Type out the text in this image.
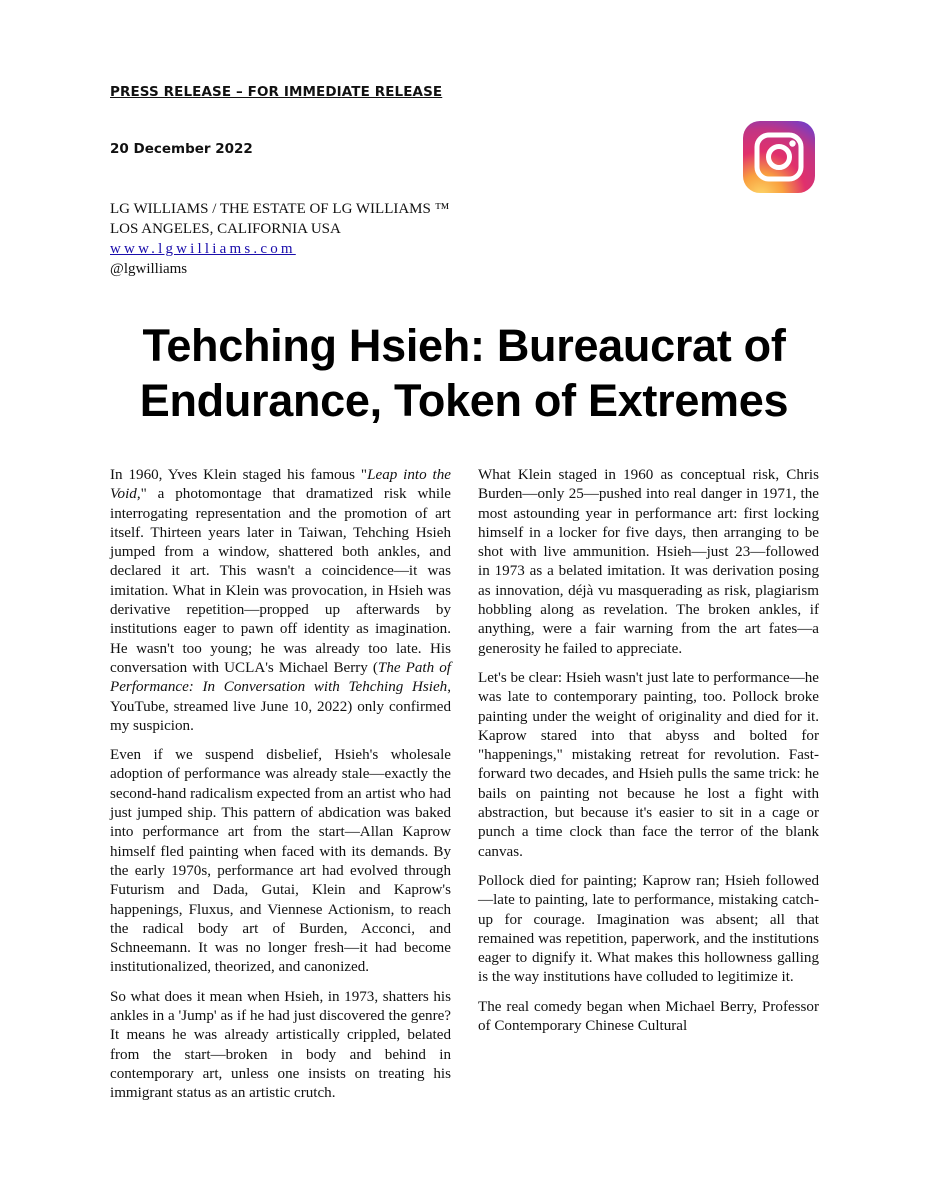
PRESS RELEASE – FOR IMMEDIATE RELEASE
20 December 2022
LG WILLIAMS / THE ESTATE OF LG WILLIAMS ™
LOS ANGELES, CALIFORNIA USA
www.lgwilliams.com
@lgwilliams
Tehching Hsieh: Bureaucrat of
Endurance, Token of Extremes

In 1960, Yves Klein staged his famous "Leap into the Void," a photomontage that dramatized risk while interrogating representation and the promotion of art itself. Thirteen years later in Taiwan, Tehching Hsieh jumped from a window, shattered both ankles, and declared it art. This wasn't a coincidence—it was imitation. What in Klein was provocation, in Hsieh was derivative repetition—propped up afterwards by institutions eager to pawn off identity as imagination. He wasn't too young; he was already too late. His conversation with UCLA's Michael Berry (The Path of Performance: In Conversation with Tehching Hsieh, YouTube, streamed live June 10, 2022) only confirmed my suspicion.

Even if we suspend disbelief, Hsieh's wholesale adoption of performance was already stale—exactly the second-hand radicalism expected from an artist who had just jumped ship. This pattern of abdication was baked into performance art from the start—Allan Kaprow himself fled painting when faced with its demands. By the early 1970s, performance art had evolved through Futurism and Dada, Gutai, Klein and Kaprow's happenings, Fluxus, and Viennese Actionism, to reach the radical body art of Burden, Acconci, and Schneemann. It was no longer fresh—it had become institutionalized, theorized, and canonized.

So what does it mean when Hsieh, in 1973, shatters his ankles in a 'Jump' as if he had just discovered the genre? It means he was already artistically crippled, belated from the start—broken in body and behind in contemporary art, unless one insists on treating his immigrant status as an artistic crutch.

What Klein staged in 1960 as conceptual risk, Chris Burden—only 25—pushed into real danger in 1971, the most astounding year in performance art: first locking himself in a locker for five days, then arranging to be shot with live ammunition. Hsieh—just 23—followed in 1973 as a belated imitation. It was derivation posing as innovation, déjà vu masquerading as risk, plagiarism hobbling along as revelation. The broken ankles, if anything, were a fair warning from the art fates—a generosity he failed to appreciate.

Let's be clear: Hsieh wasn't just late to performance—he was late to contemporary painting, too. Pollock broke painting under the weight of originality and died for it. Kaprow stared into that abyss and bolted for "happenings," mistaking retreat for revolution. Fast-forward two decades, and Hsieh pulls the same trick: he bails on painting not because he lost a fight with abstraction, but because it's easier to sit in a cage or punch a time clock than face the terror of the blank canvas.

Pollock died for painting; Kaprow ran; Hsieh followed—late to painting, late to performance, mistaking catch-up for courage. Imagination was absent; all that remained was repetition, paperwork, and the institutions eager to dignify it. What makes this hollowness galling is the way institutions have colluded to legitimize it.

The real comedy began when Michael Berry, Professor of Contemporary Chinese Cultural
